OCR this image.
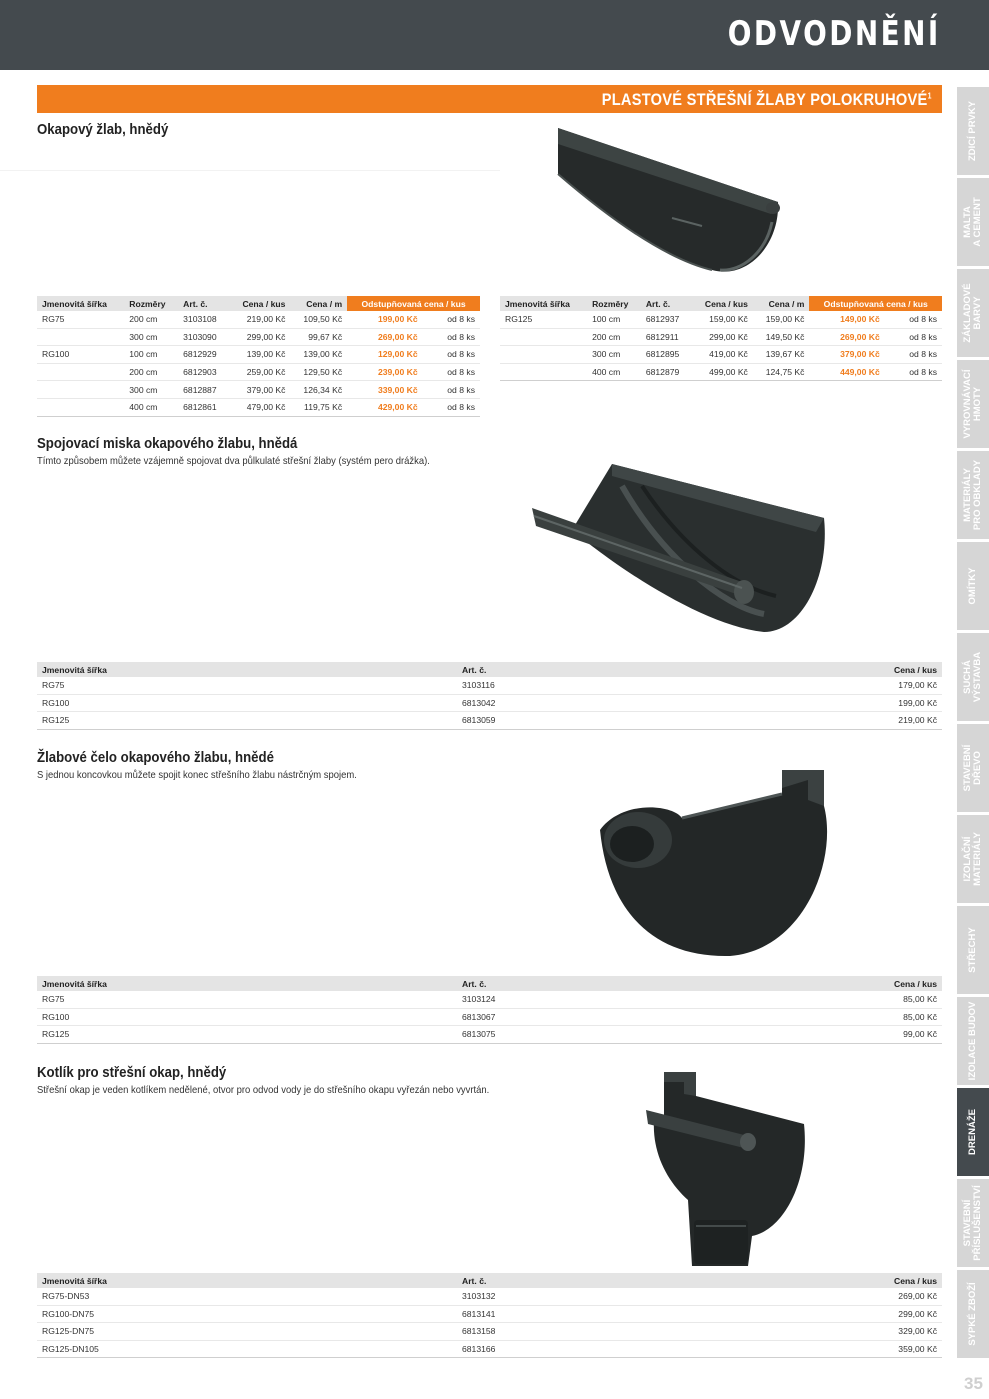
ODVODNĚNÍ
PLASTOVÉ STŘEŠNÍ ŽLABY POLOKRUHOVÉ$^1$
Okapový žlab, hnědý
Jmenovitá šířka	Rozměry	Art. č.	Cena / kus	Cena / m	Odstupňovaná cena / kus	
RG75	200 cm	3103108	219,00 Kč	109,50 Kč	199,00 Kč	od 8 ks
	300 cm	3103090	299,00 Kč	99,67 Kč	269,00 Kč	od 8 ks
RG100	100 cm	6812929	139,00 Kč	139,00 Kč	129,00 Kč	od 8 ks
	200 cm	6812903	259,00 Kč	129,50 Kč	239,00 Kč	od 8 ks
	300 cm	6812887	379,00 Kč	126,34 Kč	339,00 Kč	od 8 ks
	400 cm	6812861	479,00 Kč	119,75 Kč	429,00 Kč	od 8 ks
Jmenovitá šířka	Rozměry	Art. č.	Cena / kus	Cena / m	Odstupňovaná cena / kus	
RG125	100 cm	6812937	159,00 Kč	159,00 Kč	149,00 Kč	od 8 ks
	200 cm	6812911	299,00 Kč	149,50 Kč	269,00 Kč	od 8 ks
	300 cm	6812895	419,00 Kč	139,67 Kč	379,00 Kč	od 8 ks
	400 cm	6812879	499,00 Kč	124,75 Kč	449,00 Kč	od 8 ks
Spojovací miska okapového žlabu, hnědá
Tímto způsobem můžete vzájemně spojovat dva půlkulaté střešní žlaby (systém pero drážka).
Jmenovitá šířka	Art. č.	Cena / kus
RG75	3103116	179,00 Kč
RG100	6813042	199,00 Kč
RG125	6813059	219,00 Kč
Žlabové čelo okapového žlabu, hnědé
S jednou koncovkou můžete spojit konec střešního žlabu nástrčným spojem.
Jmenovitá šířka	Art. č.	Cena / kus
RG75	3103124	85,00 Kč
RG100	6813067	85,00 Kč
RG125	6813075	99,00 Kč
Kotlík pro střešní okap, hnědý
Střešní okap je veden kotlíkem nedělené, otvor pro odvod vody je do střešního okapu vyřezán nebo vyvrtán.
Jmenovitá šířka	Art. č.	Cena / kus
RG75-DN53	3103132	269,00 Kč
RG100-DN75	6813141	299,00 Kč
RG125-DN75	6813158	329,00 Kč
RG125-DN105	6813166	359,00 Kč
ZDICÍ PRVKY
MALTA
A CEMENT
ZÁKLADOVÉ
BARVY
VYROVNÁVACÍ
HMOTY
MATERIÁLY
PRO OBKLADY
OMÍTKY
SUCHÁ
VÝSTAVBA
STAVEBNÍ
DŘEVO
IZOLAČNÍ
MATERIÁLY
STŘECHY
IZOLACE BUDOV
DRENÁŽE
STAVEBNÍ
PŘÍSLUŠENSTVÍ
SYPKÉ ZBOŽÍ
35
